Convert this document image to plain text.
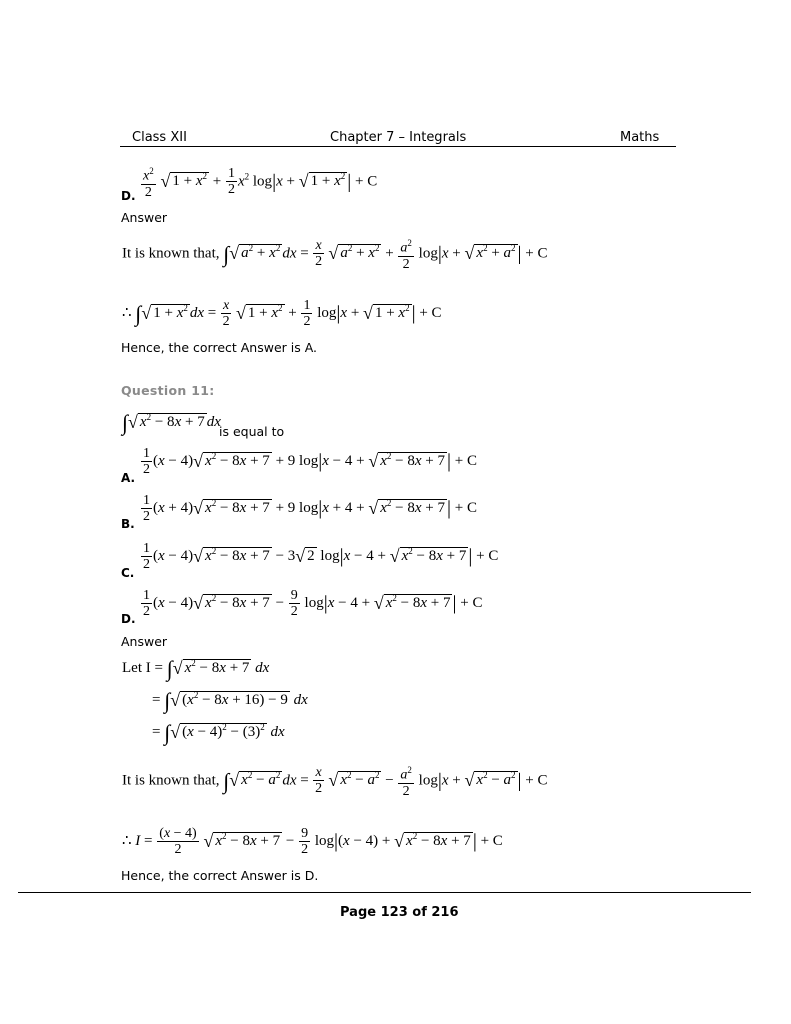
Class XII	Chapter 7 – Integrals	Maths
$\frac{x^2}{2}$ √ $1 + x^2 + \frac{1}{2} x^2$ log|x + √ $1 + x^2$ | + C
D.
Answer
It is known that, ∫√ $a^2 + x^2$ dx = $\frac{x}{2}$ √ $a^2 + x^2 + \frac{a^2}{2} \log|x$ + √ $x^2 + a^2$ | + C
∴ ∫√ $1 + x^2$ dx = $\frac{x}{2}$ √ $1 + x^2 + \frac{1}{2} \log|x$ + √ $1 + x^2$ | + C
Hence, the correct Answer is A.
Question 11:
∫√ $x^2 - 8x + 7$ dx
is equal to
$\frac{1}{2} (x - 4)√$ $x^2 - 8x + 7 + 9$ log|x − 4 + √ $x^2 - 8x + 7$ | + C
A.
$\frac{1}{2} (x + 4)√$ $x^2 - 8x + 7 + 9$ log|x + 4 + √ $x^2 - 8x + 7$ | + C
B.
$\frac{1}{2} (x - 4)√$ $x^2 - 8x + 7 - 3√$ 2 log|x − 4 + √ $x^2 - 8x + 7$ | + C
C.
$\frac{1}{2} (x - 4)√$ $x^2 - 8x + 7 - \frac{9}{2} \log|x - 4$ + √ $x^2 - 8x + 7$ | + C
D.
Answer
Let I = ∫√ $x^2 - 8x + 7$ dx
= ∫√ $(x^2 - 8x + 16) - 9$ dx
= ∫√ $(x - 4)^2 - (3)^2$ dx
It is known that, ∫√ $x^2 - a^2$ dx = $\frac{x}{2}$ √ $x^2 - a^2 - \frac{a^2}{2} \log|x$ + √ $x^2 - a^2$ | + C
∴ $I = \frac{(x - 4)}{2}$ √ $x^2 - 8x + 7 - \frac{9}{2} \log|(x - 4)$ + √ $x^2 - 8x + 7$ | + C
Hence, the correct Answer is D.
Page 123 of 216
